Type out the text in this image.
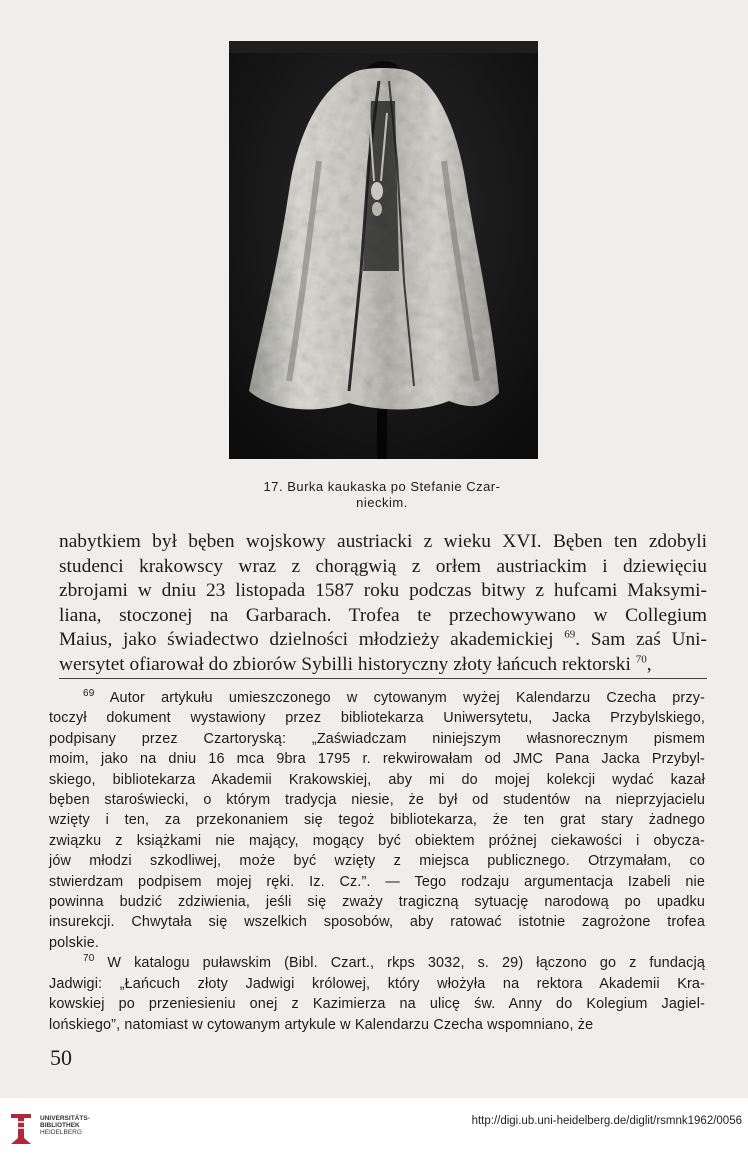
17. Burka kaukaska po Stefanie Czar-
nieckim.
nabytkiem był bęben wojskowy austriacki z wieku XVI. Bęben ten zdobyli
studenci krakowscy wraz z chorągwią z orłem austriackim i dziewięciu
zbrojami w dniu 23 listopada 1587 roku podczas bitwy z hufcami Maksymi-
liana, stoczonej na Garbarach. Trofea te przechowywano w Collegium
Maius, jako świadectwo dzielności młodzieży akademickiej $^{69}$. Sam zaś Uni-
wersytet ofiarował do zbiorów Sybilli historyczny złoty łańcuch rektorski $^{70}$,
$^{69}$ Autor artykułu umieszczonego w cytowanym wyżej Kalendarzu Czecha przy-
toczył dokument wystawiony przez bibliotekarza Uniwersytetu, Jacka Przybylskiego,
podpisany przez Czartoryską: „Zaświadczam niniejszym własnorecznym pismem
moim, jako na dniu 16 mca 9bra 1795 r. rekwirowałam od JMC Pana Jacka Przybyl-
skiego, bibliotekarza Akademii Krakowskiej, aby mi do mojej kolekcji wydać kazał
bęben staroświecki, o którym tradycja niesie, że był od studentów na nieprzyjacielu
wzięty i ten, za przekonaniem się tegoż bibliotekarza, że ten grat stary żadnego
związku z książkami nie mający, mogący być obiektem próżnej ciekawości i obycza-
jów młodzi szkodliwej, może być wzięty z miejsca publicznego. Otrzymałam, co
stwierdzam podpisem mojej ręki. Iz. Cz.”. — Tego rodzaju argumentacja Izabeli nie
powinna budzić zdziwienia, jeśli się zważy tragiczną sytuację narodową po upadku
insurekcji. Chwytała się wszelkich sposobów, aby ratować istotnie zagrożone trofea
polskie.
$^{70}$ W katalogu puławskim (Bibl. Czart., rkps 3032, s. 29) łączono go z fundacją
Jadwigi: „Łańcuch złoty Jadwigi królowej, który włożyła na rektora Akademii Kra-
kowskiej po przeniesieniu onej z Kazimierza na ulicę św. Anny do Kolegium Jagiel-
lońskiego”, natomiast w cytowanym artykule w Kalendarzu Czecha wspomniano, że
50
UNIVERSITÄTS-
BIBLIOTHEK
HEIDELBERG
http://digi.ub.uni-heidelberg.de/diglit/rsmnk1962/0056
